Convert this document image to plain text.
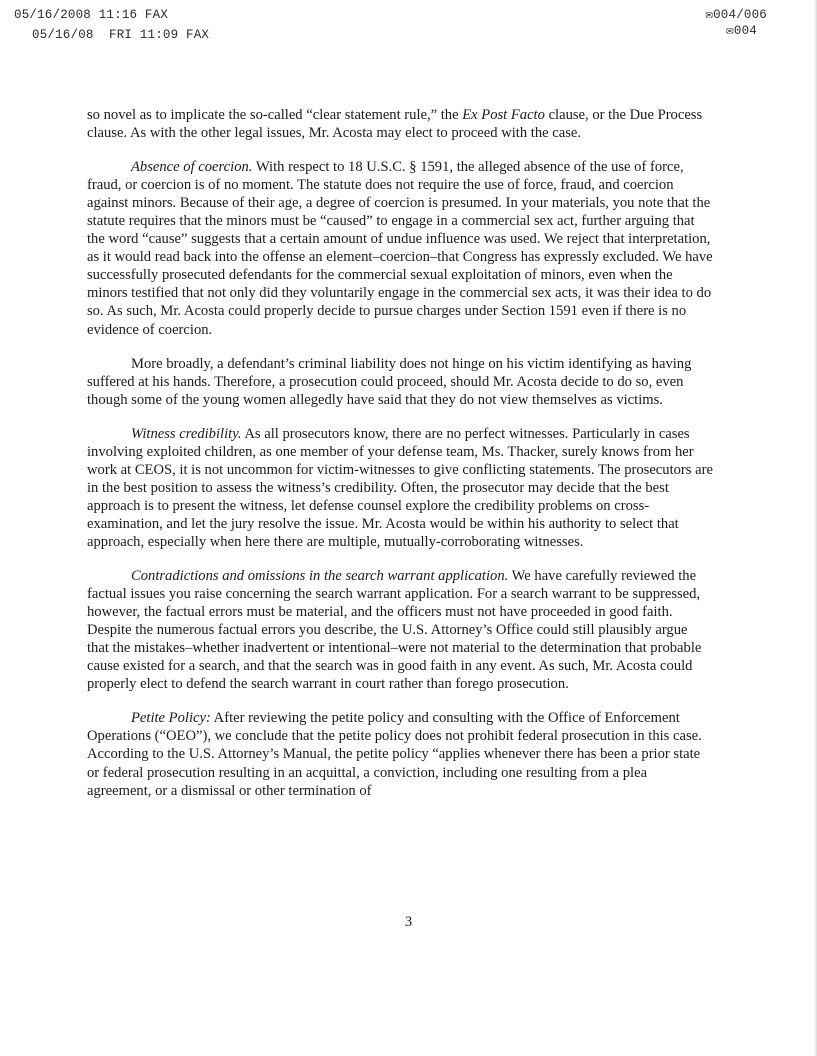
05/16/2008 11:16 FAX
05/16/08  FRI 11:09 FAX
✉004/006
✉004

so novel as to implicate the so-called “clear statement rule,” the Ex Post Facto clause, or the Due Process clause. As with the other legal issues, Mr. Acosta may elect to proceed with the case.

Absence of coercion. With respect to 18 U.S.C. § 1591, the alleged absence of the use of force, fraud, or coercion is of no moment. The statute does not require the use of force, fraud, and coercion against minors. Because of their age, a degree of coercion is presumed. In your materials, you note that the statute requires that the minors must be “caused” to engage in a commercial sex act, further arguing that the word “cause” suggests that a certain amount of undue influence was used. We reject that interpretation, as it would read back into the offense an element–coercion–that Congress has expressly excluded. We have successfully prosecuted defendants for the commercial sexual exploitation of minors, even when the minors testified that not only did they voluntarily engage in the commercial sex acts, it was their idea to do so. As such, Mr. Acosta could properly decide to pursue charges under Section 1591 even if there is no evidence of coercion.

More broadly, a defendant’s criminal liability does not hinge on his victim identifying as having suffered at his hands. Therefore, a prosecution could proceed, should Mr. Acosta decide to do so, even though some of the young women allegedly have said that they do not view themselves as victims.

Witness credibility. As all prosecutors know, there are no perfect witnesses. Particularly in cases involving exploited children, as one member of your defense team, Ms. Thacker, surely knows from her work at CEOS, it is not uncommon for victim-witnesses to give conflicting statements. The prosecutors are in the best position to assess the witness’s credibility. Often, the prosecutor may decide that the best approach is to present the witness, let defense counsel explore the credibility problems on cross-examination, and let the jury resolve the issue. Mr. Acosta would be within his authority to select that approach, especially when here there are multiple, mutually-corroborating witnesses.

Contradictions and omissions in the search warrant application. We have carefully reviewed the factual issues you raise concerning the search warrant application. For a search warrant to be suppressed, however, the factual errors must be material, and the officers must not have proceeded in good faith. Despite the numerous factual errors you describe, the U.S. Attorney’s Office could still plausibly argue that the mistakes–whether inadvertent or intentional–were not material to the determination that probable cause existed for a search, and that the search was in good faith in any event. As such, Mr. Acosta could properly elect to defend the search warrant in court rather than forego prosecution.

Petite Policy: After reviewing the petite policy and consulting with the Office of Enforcement Operations (“OEO”), we conclude that the petite policy does not prohibit federal prosecution in this case. According to the U.S. Attorney’s Manual, the petite policy “applies whenever there has been a prior state or federal prosecution resulting in an acquittal, a conviction, including one resulting from a plea agreement, or a dismissal or other termination of

3
